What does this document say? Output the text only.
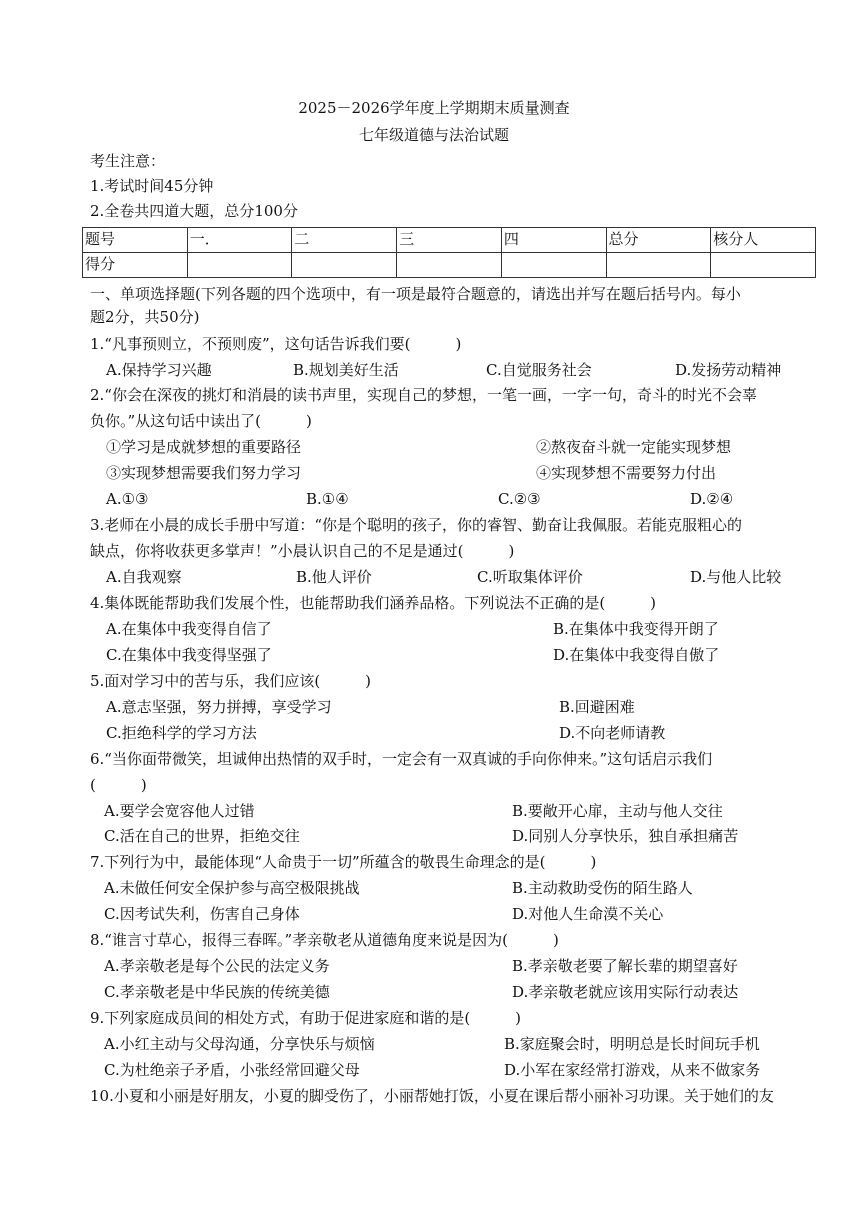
2025－2026学年度上学期期末质量测查
七年级道德与法治试题
考生注意：
1.考试时间45分钟
2.全卷共四道大题，总分100分
题号	一．	二	三	四	总分	核分人
得分						
一、单项选择题(下列各题的四个选项中，有一项是最符合题意的，请选出并写在题后括号内。每小
题2分，共50分)
1.“凡事预则立，不预则废”，这句话告诉我们要(　　　)
A.保持学习兴趣	B.规划美好生活	C.自觉服务社会	D.发扬劳动精神
2.“你会在深夜的挑灯和消晨的读书声里，实现自己的梦想，一笔一画，一字一句，奇斗的时光不会辜
负你。”从这句话中读出了(　　　)
①学习是成就梦想的重要路径	②熬夜奋斗就一定能实现梦想
③实现梦想需要我们努力学习	④实现梦想不需要努力付出
A.①③	B.①④	C.②③	D.②④
3.老师在小晨的成长手册中写道：“你是个聪明的孩子，你的睿智、勤奋让我佩服。若能克服粗心的
缺点，你将收获更多掌声！”小晨认识自己的不足是通过(　　　)
A.自我观察	B.他人评价	C.听取集体评价	D.与他人比较
4.集体既能帮助我们发展个性，也能帮助我们涵养品格。下列说法不正确的是(　　　)
A.在集体中我变得自信了	B.在集体中我变得开朗了
C.在集体中我变得坚强了	D.在集体中我变得自傲了
5.面对学习中的苦与乐，我们应该(　　　)
A.意志坚强，努力拼搏，享受学习	B.回避困难
C.拒绝科学的学习方法	D.不向老师请教
6.“当你面带微笑，坦诚伸出热情的双手时，一定会有一双真诚的手向你伸来。”这句话启示我们
(　　　)
A.要学会宽容他人过错	B.要敞开心扉，主动与他人交往
C.活在自己的世界，拒绝交往	D.同别人分享快乐，独自承担痛苦
7.下列行为中，最能体现“人命贵于一切”所蕴含的敬畏生命理念的是(　　　)
A.未做任何安全保护参与高空极限挑战	B.主动救助受伤的陌生路人
C.因考试失利，伤害自己身体	D.对他人生命漠不关心
8.“谁言寸草心，报得三春晖。”孝亲敬老从道德角度来说是因为(　　　)
A.孝亲敬老是每个公民的法定义务	B.孝亲敬老要了解长辈的期望喜好
C.孝亲敬老是中华民族的传统美德	D.孝亲敬老就应该用实际行动表达
9.下列家庭成员间的相处方式，有助于促进家庭和谐的是(　　　)
A.小红主动与父母沟通，分享快乐与烦恼	B.家庭聚会时，明明总是长时间玩手机
C.为杜绝亲子矛盾，小张经常回避父母	D.小军在家经常打游戏，从来不做家务
10.小夏和小丽是好朋友，小夏的脚受伤了，小丽帮她打饭，小夏在课后帮小丽补习功课。关于她们的友
